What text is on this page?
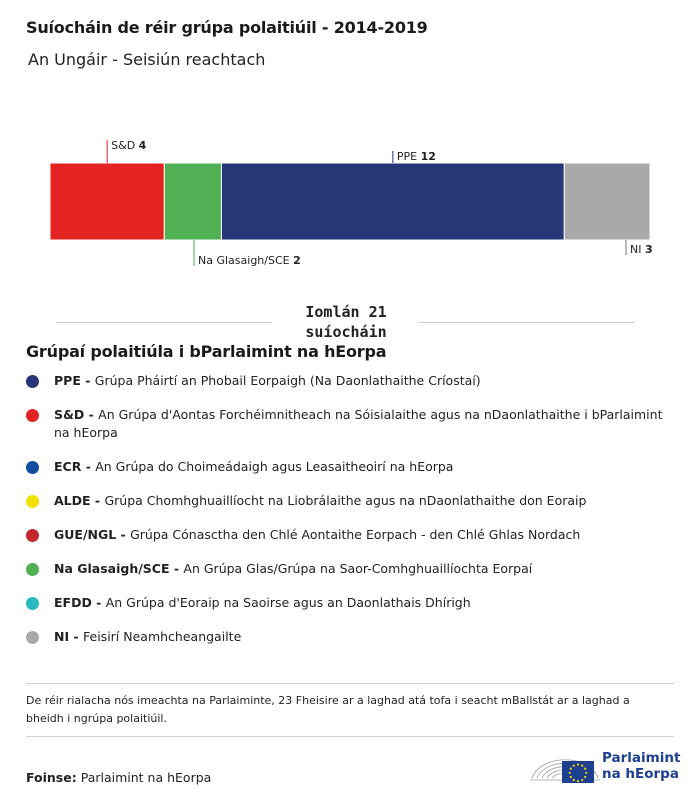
Suíocháin de réir grúpa polaitiúil - 2014-2019
An Ungáir - Seisiún reachtach
S&D 4
Na Glasaigh/SCE 2
PPE 12
NI 3
Iomlán 21
suíocháin
Grúpaí polaitiúla i bParlaimint na hEorpa
PPE - Grúpa Pháirtí an Phobail Eorpaigh (Na Daonlathaithe Críostaí)
S&D - An Grúpa d'Aontas Forchéimnitheach na Sóisialaithe agus na nDaonlathaithe i bParlaimint na hEorpa
ECR - An Grúpa do Choimeádaigh agus Leasaitheoirí na hEorpa
ALDE - Grúpa Chomhghuaillíocht na Liobrálaithe agus na nDaonlathaithe don Eoraip
GUE/NGL - Grúpa Cónasctha den Chlé Aontaithe Eorpach - den Chlé Ghlas Nordach
Na Glasaigh/SCE - An Grúpa Glas/Grúpa na Saor-Comhghuaillíochta Eorpaí
EFDD - An Grúpa d'Eoraip na Saoirse agus an Daonlathais Dhírigh
NI - Feisirí Neamhcheangailte
De réir rialacha nós imeachta na Parlaiminte, 23 Fheisire ar a laghad atá tofa i seacht mBallstát ar a laghad a bheidh i ngrúpa polaitiúil.
Foinse: Parlaimint na hEorpa
Parlaimint
na hEorpa
